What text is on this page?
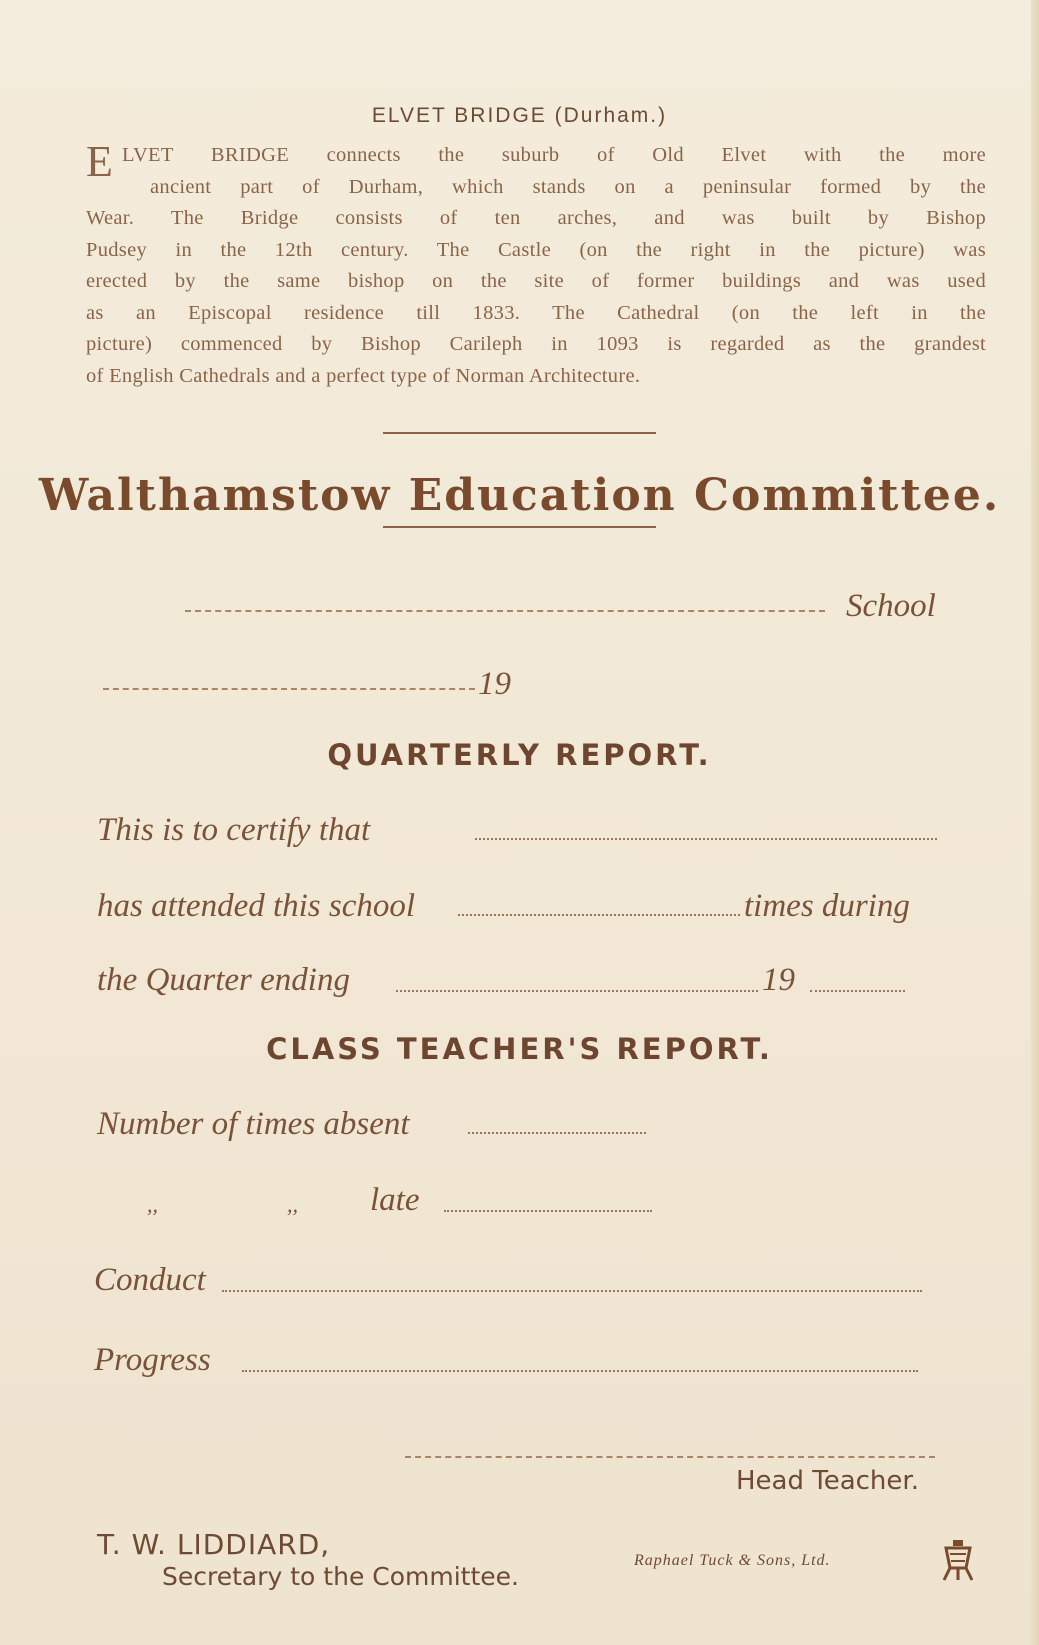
ELVET BRIDGE (Durham.)
E LVET BRIDGE connects the suburb of Old Elvet with the more
ancient part of Durham, which stands on a peninsular formed by the
Wear. The Bridge consists of ten arches, and was built by Bishop
Pudsey in the 12th century. The Castle (on the right in the picture) was
erected by the same bishop on the site of former buildings and was used
as an Episcopal residence till 1833. The Cathedral (on the left in the
picture) commenced by Bishop Carileph in 1093 is regarded as the grandest
of English Cathedrals and a perfect type of Norman Architecture.
Walthamstow Education Committee.
School
19
QUARTERLY REPORT.
This is to certify that
has attended this school	times during
the Quarter ending	19
CLASS TEACHER'S REPORT.
Number of times absent
,,	,, late
Conduct
Progress
Head Teacher.
T. W. LIDDIARD,
Secretary to the Committee.
Raphael Tuck & Sons, Ltd.
